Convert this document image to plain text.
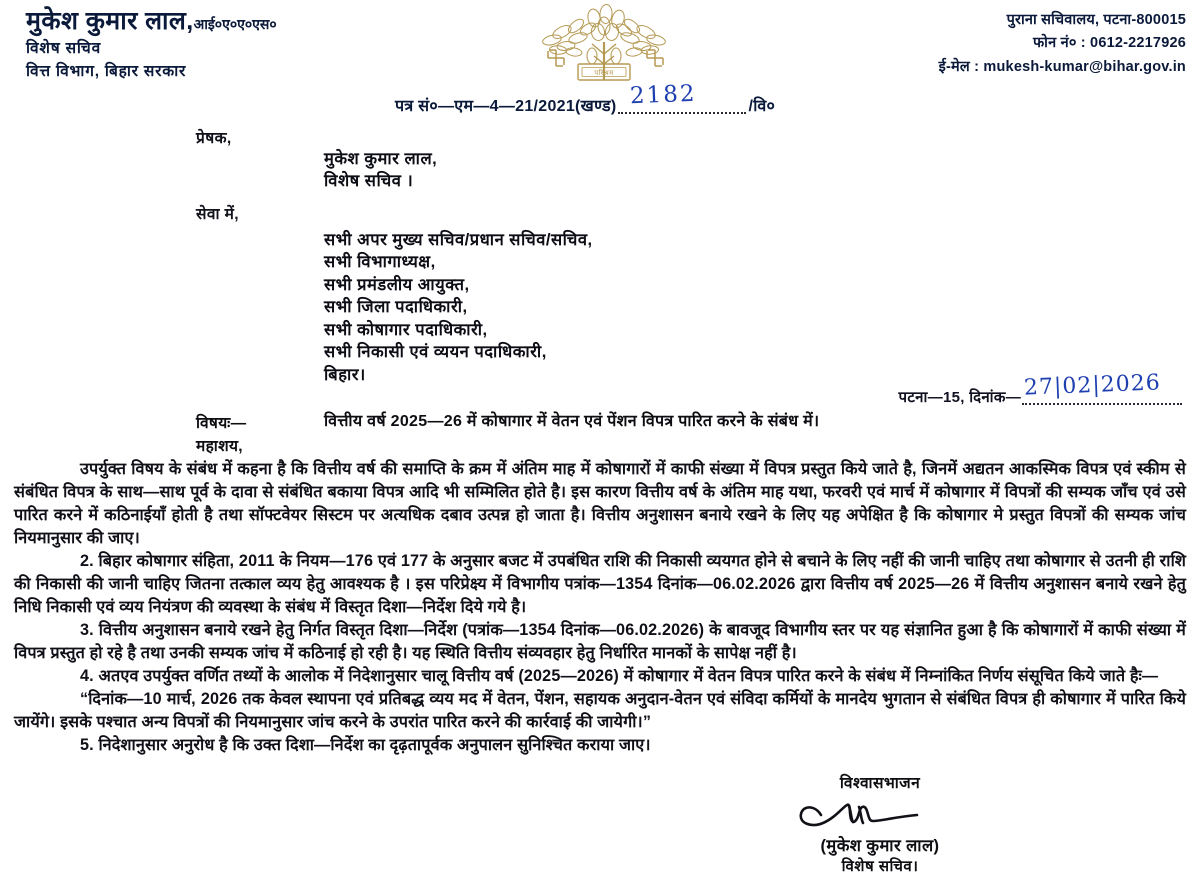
मुकेश कुमार लाल,आई०ए०ए०एस०
विशेष सचिव
वित्त विभाग, बिहार सरकार	परिश्रम
पुराना सचिवालय, पटना-800015
फोन नं० : 0612-2217926
ई-मेल : mukesh-kumar@bihar.gov.in
पत्र सं०—एम—4—21/2021(खण्ड) 2182	/वि०
प्रेषक,
मुकेश कुमार लाल,
विशेष सचिव ।
सेवा में,
सभी अपर मुख्य सचिव/प्रधान सचिव/सचिव,
सभी विभागाध्यक्ष,
सभी प्रमंडलीय आयुक्त,
सभी जिला पदाधिकारी,
सभी कोषागार पदाधिकारी,
सभी निकासी एवं व्ययन पदाधिकारी,
बिहार।
पटना—15, दिनांक— 27|02|2026
विषयः—	वित्तीय वर्ष 2025—26 में कोषागार में वेतन एवं पेंशन विपत्र पारित करने के संबंध में।
महाशय,

उपर्युक्त विषय के संबंध में कहना है कि वित्तीय वर्ष की समाप्ति के क्रम में अंतिम माह में कोषागारों में काफी संख्या में विपत्र प्रस्तुत किये जाते है, जिनमें अद्यतन आकस्मिक विपत्र एवं स्कीम से संबंधित विपत्र के साथ—साथ पूर्व के दावा से संबंधित बकाया विपत्र आदि भी सम्मिलित होते है। इस कारण वित्तीय वर्ष के अंतिम माह यथा, फरवरी एवं मार्च में कोषागार में विपत्रों की सम्यक जाँच एवं उसे पारित करने में कठिनाईयाँ होती है तथा सॉफ्टवेयर सिस्टम पर अत्यधिक दबाव उत्पन्न हो जाता है। वित्तीय अनुशासन बनाये रखने के लिए यह अपेक्षित है कि कोषागार मे प्रस्तुत विपत्रों की सम्यक जांच नियमानुसार की जाए।

2. बिहार कोषागार संहिता, 2011 के नियम—176 एवं 177 के अनुसार बजट में उपबंधित राशि की निकासी व्ययगत होने से बचाने के लिए नहीं की जानी चाहिए तथा कोषागार से उतनी ही राशि की निकासी की जानी चाहिए जितना तत्काल व्यय हेतु आवश्यक है । इस परिप्रेक्ष्य में विभागीय पत्रांक—1354 दिनांक—06.02.2026 द्वारा वित्तीय वर्ष 2025—26 में वित्तीय अनुशासन बनाये रखने हेतु निधि निकासी एवं व्यय नियंत्रण की व्यवस्था के संबंध में विस्तृत दिशा—निर्देश दिये गये है।

3. वित्तीय अनुशासन बनाये रखने हेतु निर्गत विस्तृत दिशा—निर्देश (पत्रांक—1354 दिनांक—06.02.2026) के बावजूद विभागीय स्तर पर यह संज्ञानित हुआ है कि कोषागारों में काफी संख्या में विपत्र प्रस्तुत हो रहे है तथा उनकी सम्यक जांच में कठिनाई हो रही है। यह स्थिति वित्तीय संव्यवहार हेतु निर्धारित मानकों के सापेक्ष नहीं है।

4. अतएव उपर्युक्त वर्णित तथ्यों के आलोक में निदेशानुसार चालू वित्तीय वर्ष (2025—2026) में कोषागार में वेतन विपत्र पारित करने के संबंध में निम्नांकित निर्णय संसूचित किये जाते हैः—

“दिनांक—10 मार्च, 2026 तक केवल स्थापना एवं प्रतिबद्ध व्यय मद में वेतन, पेंशन, सहायक अनुदान-वेतन एवं संविदा कर्मियों के मानदेय भुगतान से संबंधित विपत्र ही कोषागार में पारित किये जायेंगे। इसके पश्चात अन्य विपत्रों की नियमानुसार जांच करने के उपरांत पारित करने की कार्रवाई की जायेगी।”

5. निदेशानुसार अनुरोध है कि उक्त दिशा—निर्देश का दृढ़तापूर्वक अनुपालन सुनिश्चित कराया जाए।

विश्वासभाजन
(मुकेश कुमार लाल)
विशेष सचिव।
